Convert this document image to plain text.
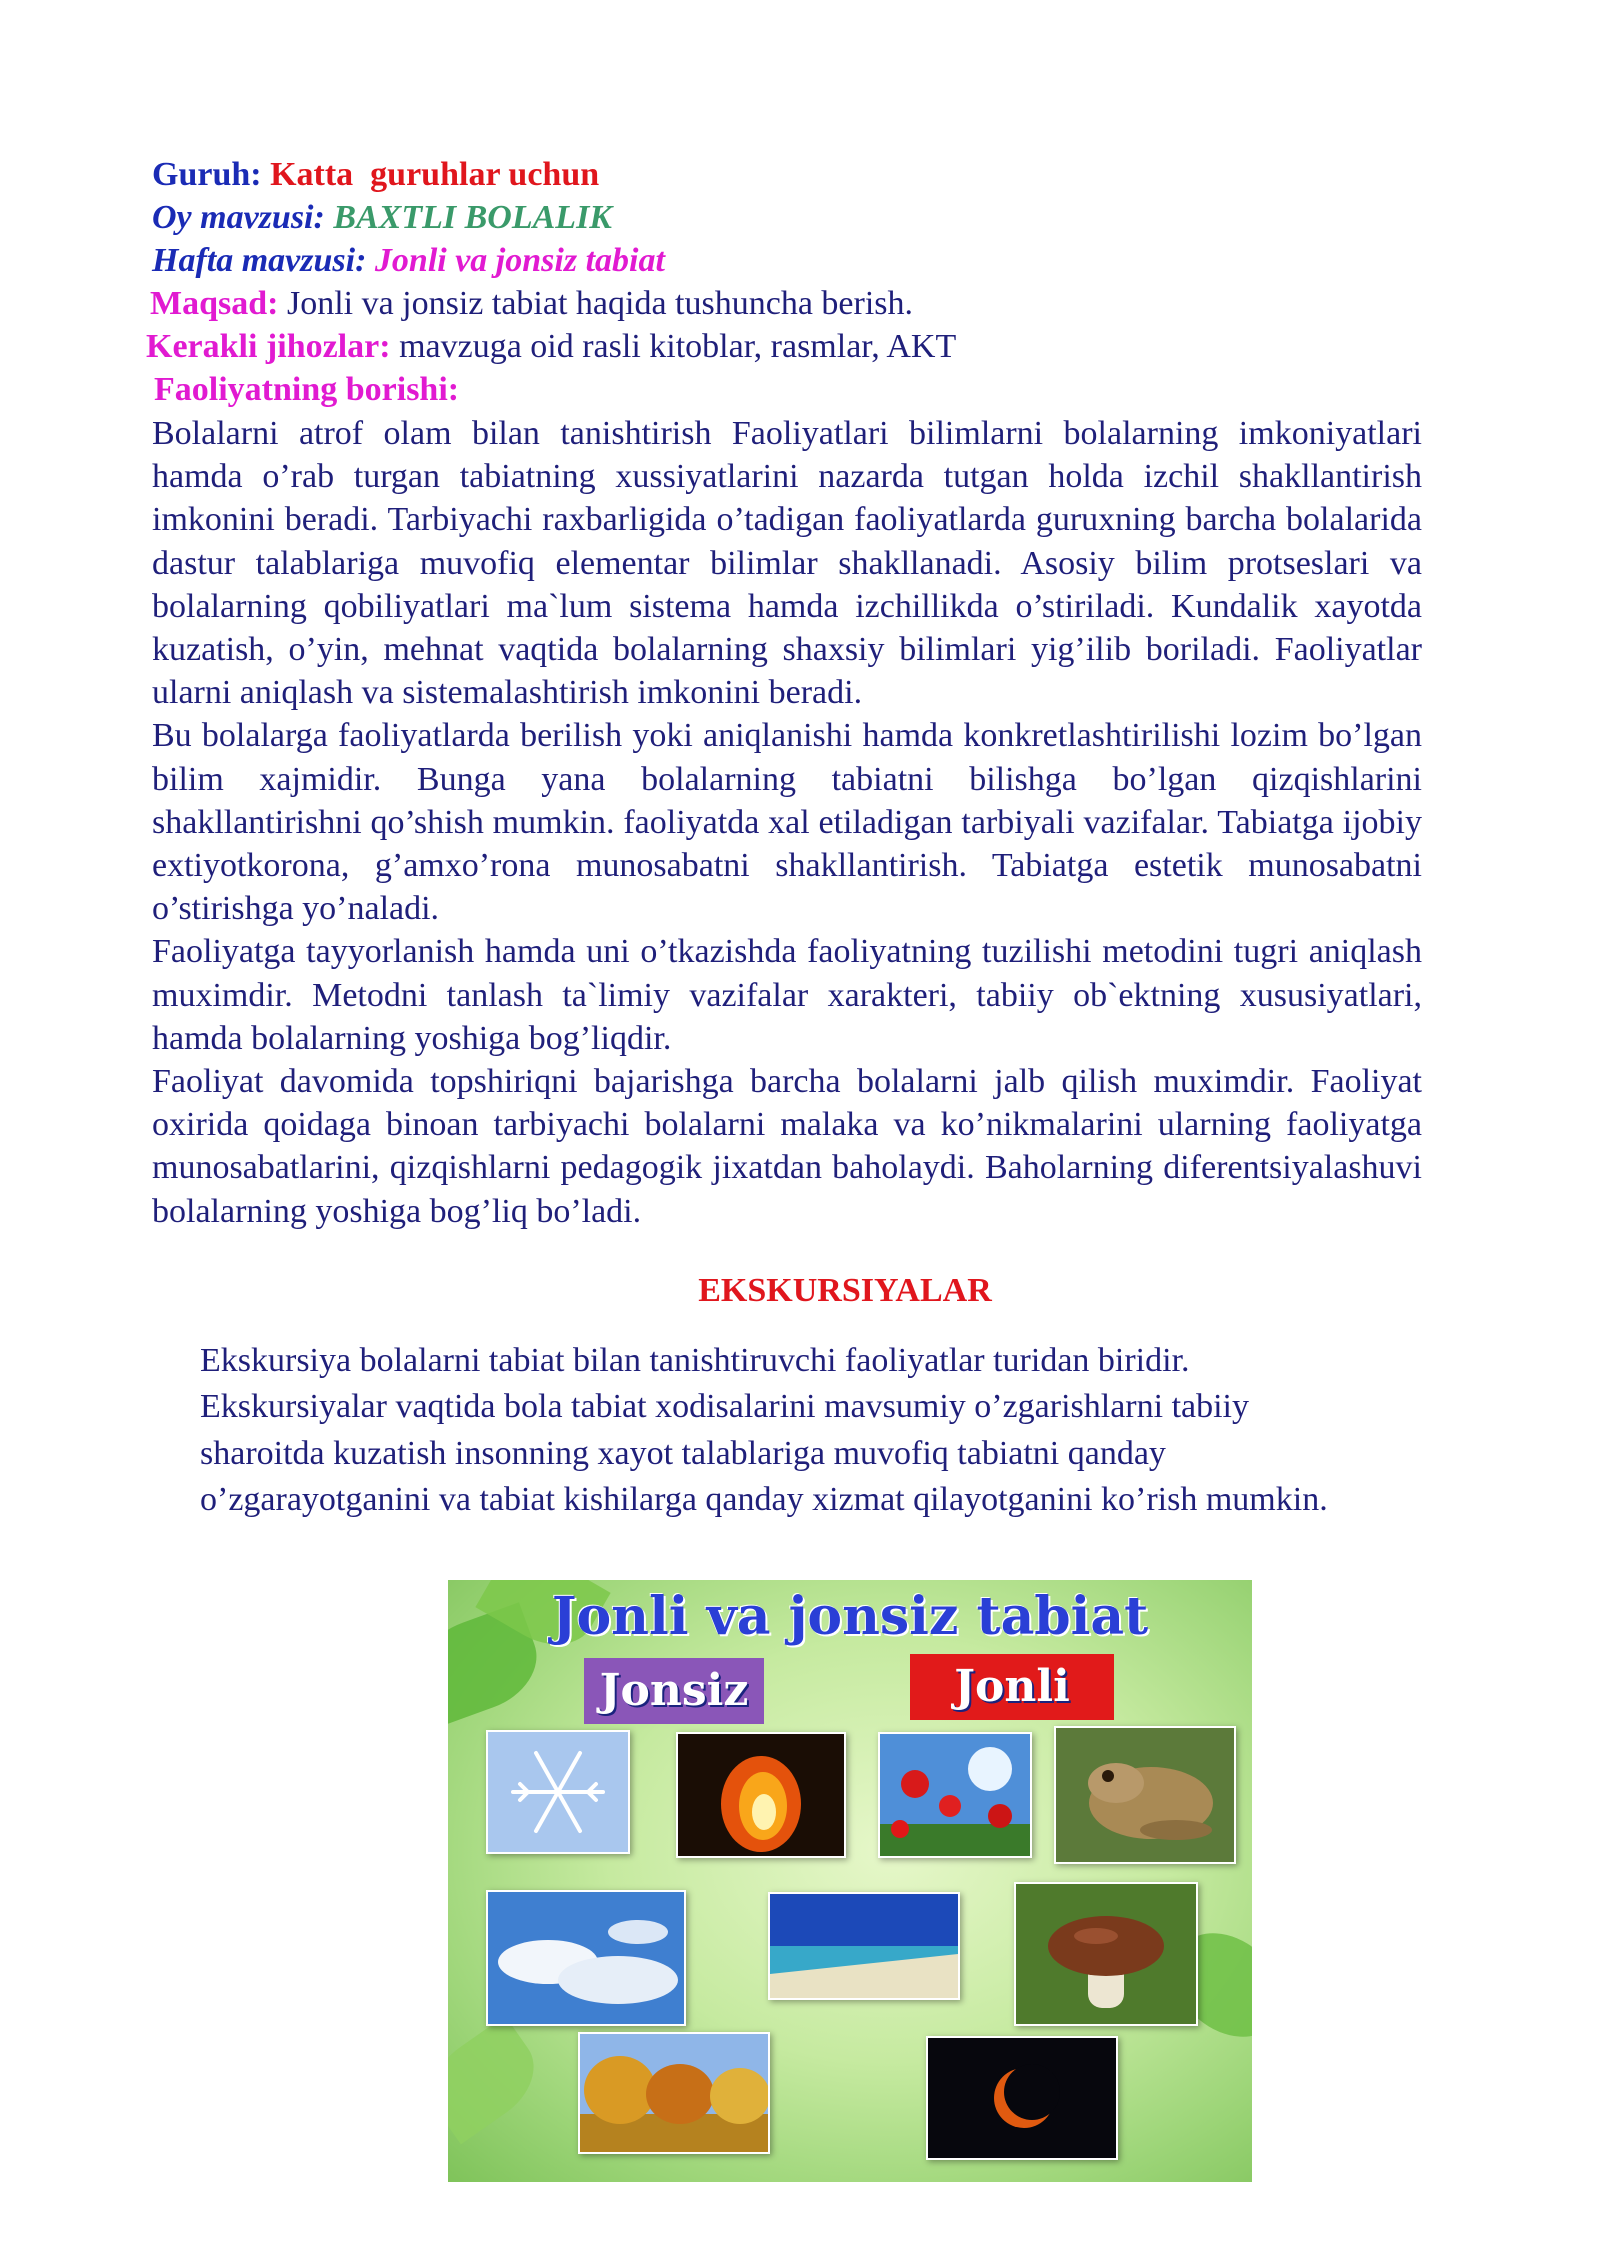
Guruh: Katta  guruhlar uchun
Oy mavzusi: BAXTLI BOLALIK
Hafta mavzusi: Jonli va jonsiz tabiat
Maqsad: Jonli va jonsiz tabiat haqida tushuncha berish.
Kerakli jihozlar: mavzuga oid rasli kitoblar, rasmlar, AKT
Faoliyatning borishi:

Bolalarni atrof olam bilan tanishtirish Faoliyatlari bilimlarni bolalarning imkoniyatlari hamda o’rab turgan tabiatning xussiyatlarini nazarda tutgan holda izchil shakllantirish imkonini beradi. Tarbiyachi raxbarligida o’tadigan faoliyatlarda guruxning barcha bolalarida dastur talablariga muvofiq elementar bilimlar shakllanadi. Asosiy bilim protseslari va bolalarning qobiliyatlari ma`lum sistema hamda izchillikda o’stiriladi. Kundalik xayotda kuzatish, o’yin, mehnat vaqtida bolalarning shaxsiy bilimlari yig’ilib boriladi. Faoliyatlar ularni aniqlash va sistemalashtirish imkonini beradi.

Bu bolalarga faoliyatlarda berilish yoki aniqlanishi hamda konkretlashtirilishi lozim bo’lgan bilim xajmidir. Bunga yana bolalarning tabiatni bilishga bo’lgan qizqishlarini shakllantirishni qo’shish mumkin. faoliyatda xal etiladigan tarbiyali vazifalar. Tabiatga ijobiy extiyotkorona, g’amxo’rona munosabatni shakllantirish. Tabiatga estetik munosabatni o’stirishga yo’naladi.

Faoliyatga tayyorlanish hamda uni o’tkazishda faoliyatning tuzilishi metodini tugri aniqlash muximdir. Metodni tanlash ta`limiy vazifalar xarakteri, tabiiy ob`ektning xususiyatlari, hamda bolalarning yoshiga bog’liqdir.

Faoliyat davomida topshiriqni bajarishga barcha bolalarni jalb qilish muximdir. Faoliyat oxirida qoidaga binoan tarbiyachi bolalarni malaka va ko’nikmalarini ularning faoliyatga munosabatlarini, qizqishlarni pedagogik jixatdan baholaydi. Baholarning diferentsiyalashuvi bolalarning yoshiga bog’liq bo’ladi.

EKSKURSIYALAR
Ekskursiya bolalarni tabiat bilan tanishtiruvchi faoliyatlar turidan biridir. Ekskursiyalar vaqtida bola tabiat xodisalarini mavsumiy o’zgarishlarni tabiiy sharoitda kuzatish insonning xayot talablariga muvofiq tabiatni qanday o’zgarayotganini va tabiat kishilarga qanday xizmat qilayotganini ko’rish mumkin.
Jonli va jonsiz tabiat
Jonsiz	Jonli
